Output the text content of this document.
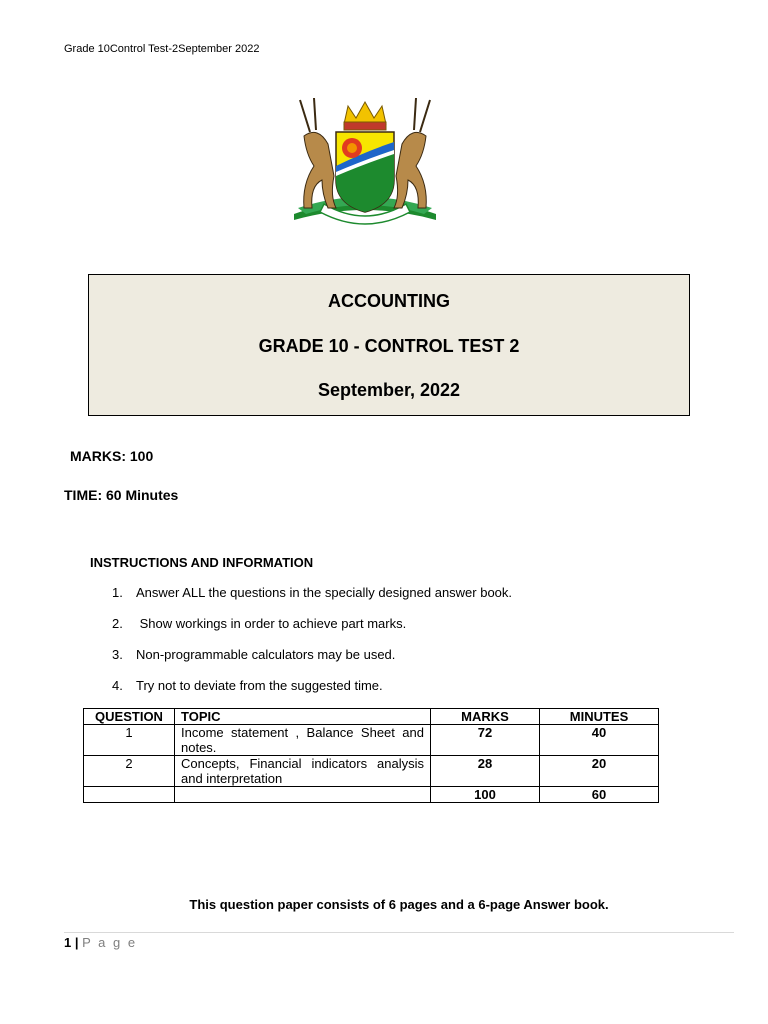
Grade 10Control Test-2September 2022
ACCOUNTING
GRADE 10 - CONTROL TEST 2
September, 2022
MARKS: 100
TIME: 60 Minutes
INSTRUCTIONS AND INFORMATION
1. Answer ALL the questions in the specially designed answer book.
2. Show workings in order to achieve part marks.
3. Non-programmable calculators may be used.
4. Try not to deviate from the suggested time.
QUESTION	TOPIC	MARKS	MINUTES
1	Income statement , Balance Sheet and notes.	72	40
2	Concepts, Financial indicators analysis and interpretation	28	20
		100	60
This question paper consists of 6 pages and a 6-page Answer book.
1 | P a g e
